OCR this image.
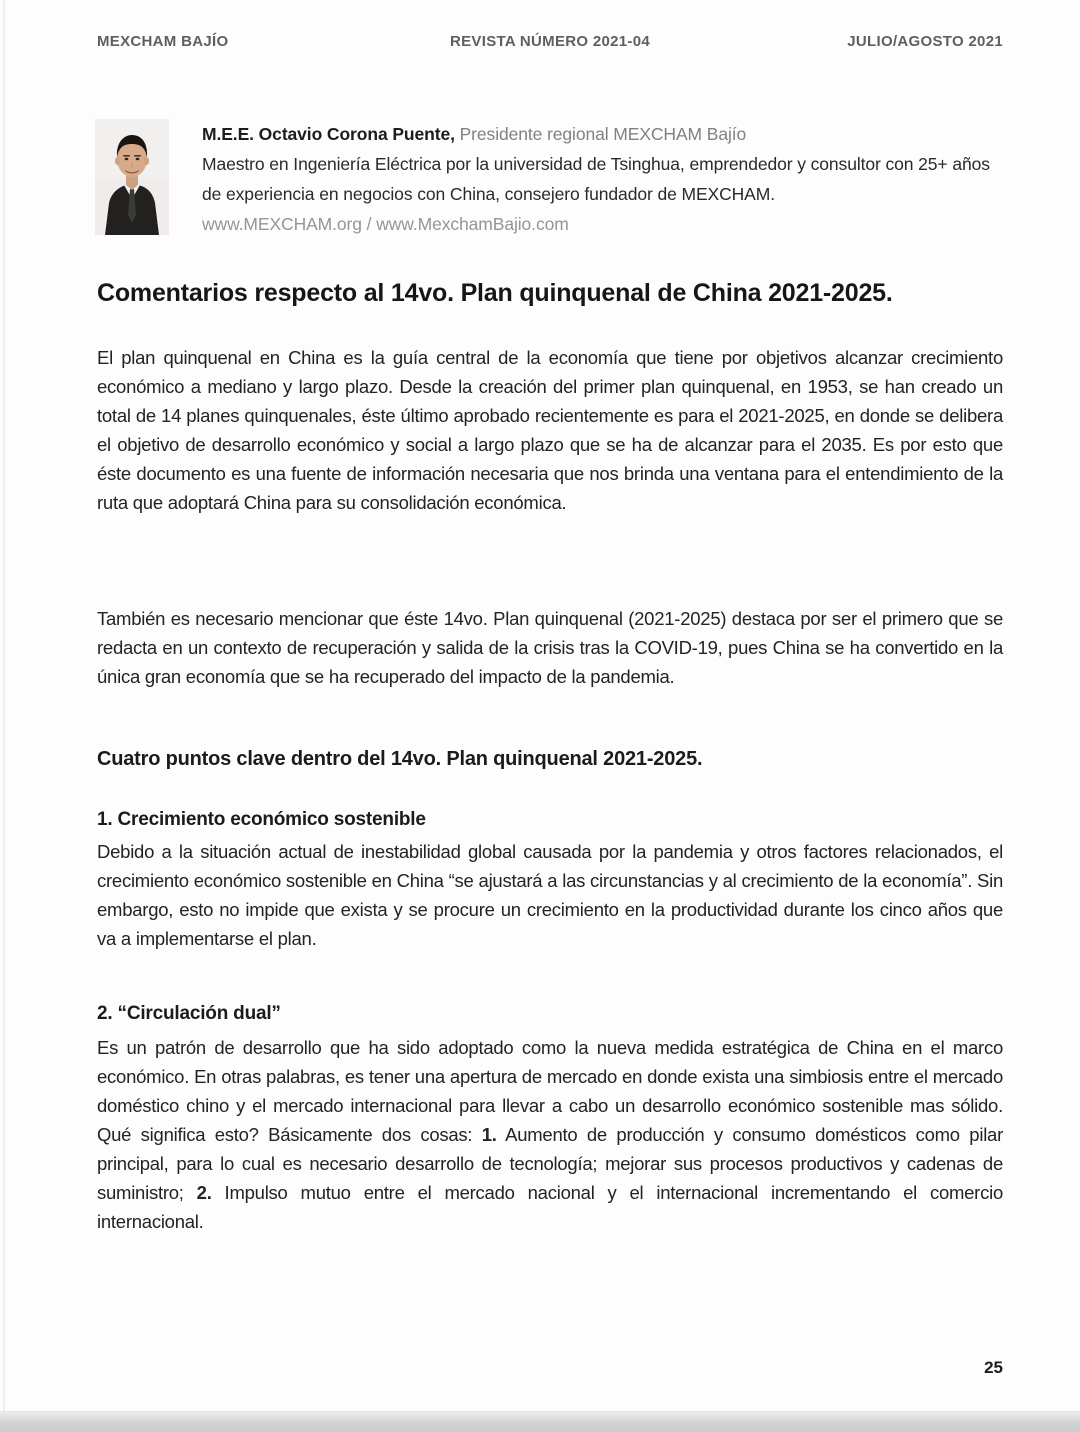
MEXCHAM BAJÍO	REVISTA NÚMERO 2021-04	JULIO/AGOSTO 2021
M.E.E. Octavio Corona Puente, Presidente regional MEXCHAM Bajío
Maestro en Ingeniería Eléctrica por la universidad de Tsinghua, emprendedor y consultor con 25+ años de experiencia en negocios con China, consejero fundador de MEXCHAM.
www.MEXCHAM.org / www.MexchamBajio.com
Comentarios respecto al 14vo. Plan quinquenal de China 2021-2025.

El plan quinquenal en China es la guía central de la economía que tiene por objetivos alcanzar crecimiento económico a mediano y largo plazo. Desde la creación del primer plan quinquenal, en 1953, se han creado un total de 14 planes quinquenales, éste último aprobado recientemente es para el 2021-2025, en donde se delibera el objetivo de desarrollo económico y social a largo plazo que se ha de alcanzar para el 2035. Es por esto que éste documento es una fuente de información necesaria que nos brinda una ventana para el entendimiento de la ruta que adoptará China para su consolidación económica.

También es necesario mencionar que éste 14vo. Plan quinquenal (2021-2025) destaca por ser el primero que se redacta en un contexto de recuperación y salida de la crisis tras la COVID-19, pues China se ha convertido en la única gran economía que se ha recuperado del impacto de la pandemia.

Cuatro puntos clave dentro del 14vo. Plan quinquenal 2021-2025.
1. Crecimiento económico sostenible

Debido a la situación actual de inestabilidad global causada por la pandemia y otros factores relacionados, el crecimiento económico sostenible en China “se ajustará a las circunstancias y al crecimiento de la economía”. Sin embargo, esto no impide que exista y se procure un crecimiento en la productividad durante los cinco años que va a implementarse el plan.

2. “Circulación dual”

Es un patrón de desarrollo que ha sido adoptado como la nueva medida estratégica de China en el marco económico. En otras palabras, es tener una apertura de mercado en donde exista una simbiosis entre el mercado doméstico chino y el mercado internacional para llevar a cabo un desarrollo económico sostenible mas sólido. Qué significa esto? Básicamente dos cosas: 1. Aumento de producción y consumo domésticos como pilar principal, para lo cual es necesario desarrollo de tecnología; mejorar sus procesos productivos y cadenas de suministro; 2. Impulso mutuo entre el mercado nacional y el internacional incrementando el comercio internacional.

25
